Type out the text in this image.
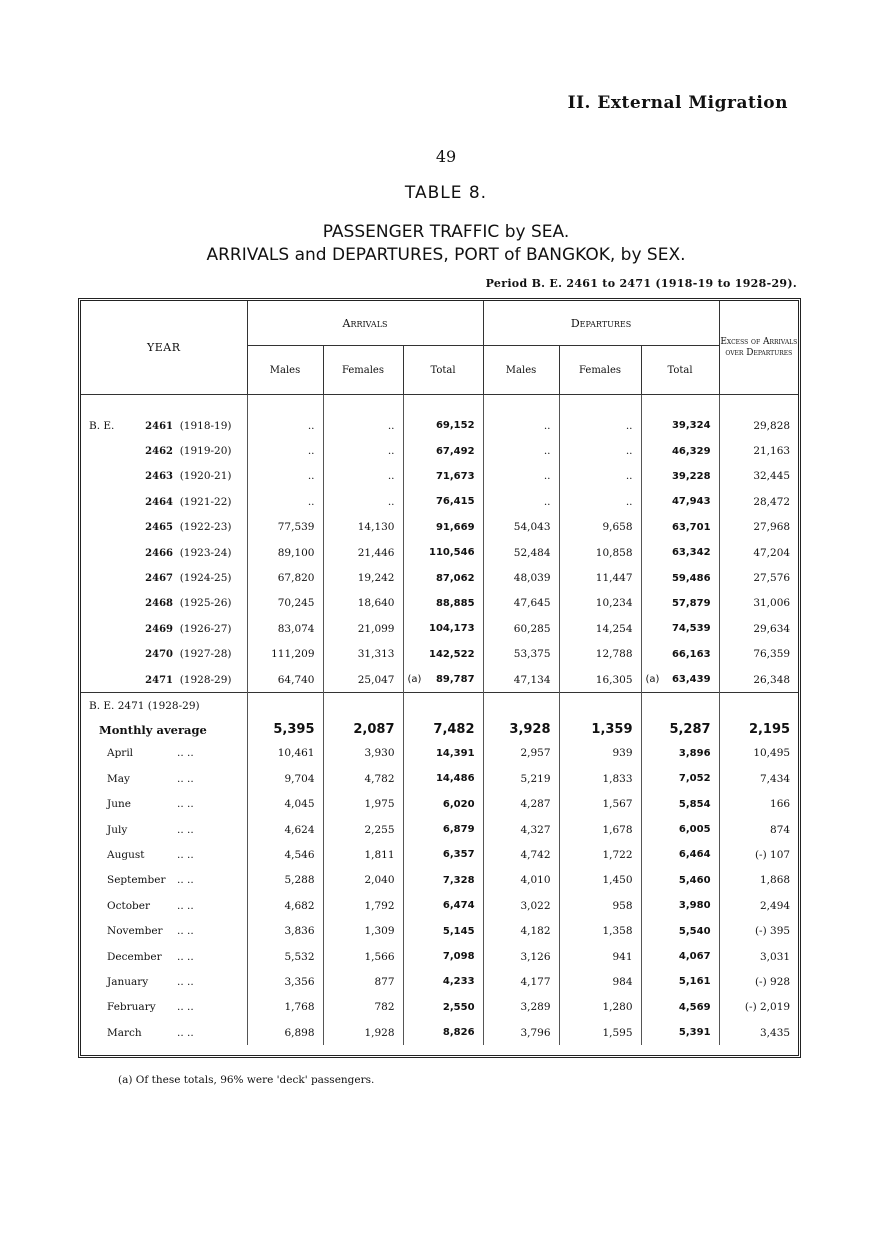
II. External Migration
49
TABLE 8.
PASSENGER TRAFFIC by SEA.
ARRIVALS and DEPARTURES, PORT of BANGKOK, by SEX.
Period B. E. 2461 to 2471 (1918-19 to 1928-29).
YEAR	Arrivals			Departures			Excess of Arrivals over Departures
	Males	Females	Total	Males	Females	Total	

B. E. 2461 (1918-19)	..	..	69,152	..	..	39,324	29,828
2462 (1919-20)	..	..	67,492	..	..	46,329	21,163
2463 (1920-21)	..	..	71,673	..	..	39,228	32,445
2464 (1921-22)	..	..	76,415	..	..	47,943	28,472
2465 (1922-23)	77,539	14,130	91,669	54,043	9,658	63,701	27,968
2466 (1923-24)	89,100	21,446	110,546	52,484	10,858	63,342	47,204
2467 (1924-25)	67,820	19,242	87,062	48,039	11,447	59,486	27,576
2468 (1925-26)	70,245	18,640	88,885	47,645	10,234	57,879	31,006
2469 (1926-27)	83,074	21,099	104,173	60,285	14,254	74,539	29,634
2470 (1927-28)	111,209	31,313	142,522	53,375	12,788	66,163	76,359
2471 (1928-29)	64,740	25,047	(a) 89,787	47,134	16,305	(a) 63,439	26,348
B. E. 2471 (1928-29)							
Monthly average	5,395	2,087	7,482	3,928	1,359	5,287	2,195
April .. ..	10,461	3,930	14,391	2,957	939	3,896	10,495
May .. ..	9,704	4,782	14,486	5,219	1,833	7,052	7,434
June .. ..	4,045	1,975	6,020	4,287	1,567	5,854	166
July .. ..	4,624	2,255	6,879	4,327	1,678	6,005	874
August .. ..	4,546	1,811	6,357	4,742	1,722	6,464	(-) 107
September .. ..	5,288	2,040	7,328	4,010	1,450	5,460	1,868
October .. ..	4,682	1,792	6,474	3,022	958	3,980	2,494
November .. ..	3,836	1,309	5,145	4,182	1,358	5,540	(-) 395
December .. ..	5,532	1,566	7,098	3,126	941	4,067	3,031
January .. ..	3,356	877	4,233	4,177	984	5,161	(-) 928
February .. ..	1,768	782	2,550	3,289	1,280	4,569	(-) 2,019
March .. ..	6,898	1,928	8,826	3,796	1,595	5,391	3,435
(a) Of these totals, 96% were 'deck' passengers.
